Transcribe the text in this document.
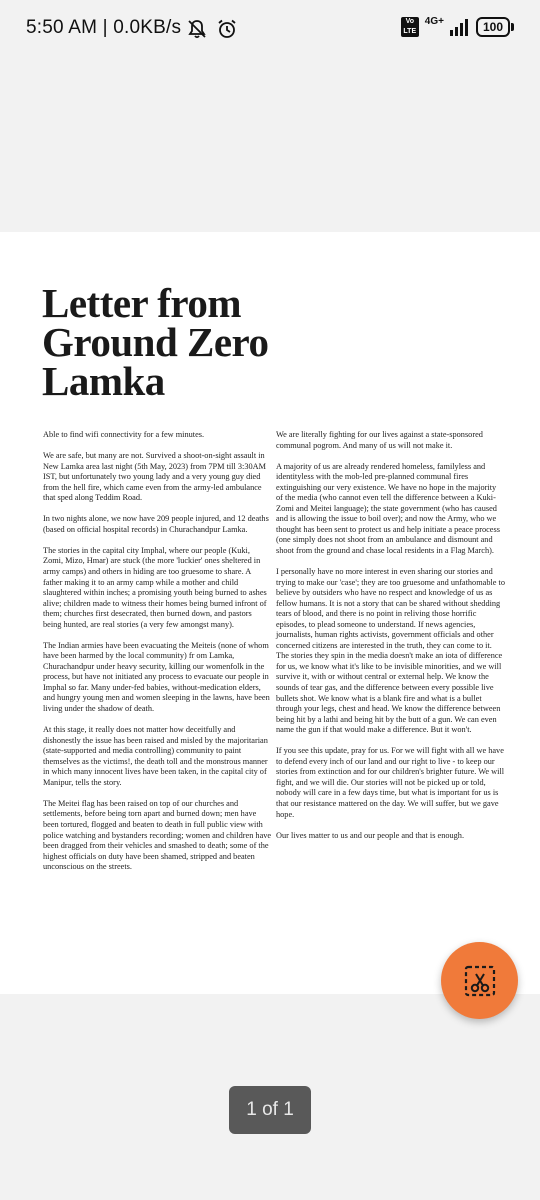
5:50 AM | 0.0KB/s	Vo LTE
4G+	100
Letter from Ground Zero Lamka

Able to find wifi connectivity for a few minutes.

We are safe, but many are not. Survived a shoot-on-sight assault in New Lamka area last night (5th May, 2023) from 7PM till 3:30AM IST, but unfortunately two young lady and a very young guy died from the hell fire, which came even from the army-led ambulance that sped along Teddim Road.

In two nights alone, we now have 209 people injured, and 12 deaths (based on official hospital records) in Churachandpur Lamka.

The stories in the capital city Imphal, where our people (Kuki, Zomi, Mizo, Hmar) are stuck (the more 'luckier' ones sheltered in army camps) and others in hiding are too gruesome to share. A father making it to an army camp while a mother and child slaughtered within inches; a promising youth being burned to ashes alive; children made to witness their homes being burned infront of them; churches first desecrated, then burned down, and pastors being hunted, are real stories (a very few amongst many).

The Indian armies have been evacuating the Meiteis (none of whom have been harmed by the local community) fr om Lamka, Churachandpur under heavy security, killing our womenfolk in the process, but have not initiated any process to evacuate our people in Imphal so far. Many under-fed babies, without-medication elders, and hungry young men and women sleeping in the lawns, have been living under the shadow of death.

At this stage, it really does not matter how deceitfully and dishonestly the issue has been raised and misled by the majoritarian (state-supported and media controlling) community to paint themselves as the victims!, the death toll and the monstrous manner in which many innocent lives have been taken, in the capital city of Manipur, tells the story.

The Meitei flag has been raised on top of our churches and settlements, before being torn apart and burned down; men have been tortured, flogged and beaten to death in full public view with police watching and bystanders recording; women and children have been dragged from their vehicles and smashed to death; some of the highest officials on duty have been shamed, stripped and beaten unconscious on the streets.

We are literally fighting for our lives against a state-sponsored communal pogrom. And many of us will not make it.

A majority of us are already rendered homeless, familyless and identityless with the mob-led pre-planned communal fires extinguishing our very existence. We have no hope in the majority of the media (who cannot even tell the difference between a Kuki-Zomi and Meitei language); the state government (who has caused and is allowing the issue to boil over); and now the Army, who we thought has been sent to protect us and help initiate a peace process (one simply does not shoot from an ambulance and dismount and shoot from the ground and chase local residents in a Flag March).

I personally have no more interest in even sharing our stories and trying to make our 'case'; they are too gruesome and unfathomable to believe by outsiders who have no respect and knowledge of us as fellow humans. It is not a story that can be shared without shedding tears of blood, and there is no point in reliving those horrific episodes, to plead someone to understand. If news agencies, journalists, human rights activists, government officials and other concerned citizens are interested in the truth, they can come to it. The stories they spin in the media doesn't make an iota of difference for us, we know what it's like to be invisible minorities, and we will survive it, with or without central or external help. We know the sounds of tear gas, and the difference between every possible live bullets shot. We know what is a blank fire and what is a bullet through your legs, chest and head. We know the difference between being hit by a lathi and being hit by the butt of a gun. We can even name the gun if that would make a difference. But it won't.

If you see this update, pray for us. For we will fight with all we have to defend every inch of our land and our right to live - to keep our stories from extinction and for our children's brighter future. We will fight, and we will die. Our stories will not be picked up or told, nobody will care in a few days time, but what is important for us is that our resistance mattered on the day. We will suffer, but we gave hope.

Our lives matter to us and our people and that is enough.

1 of 1
